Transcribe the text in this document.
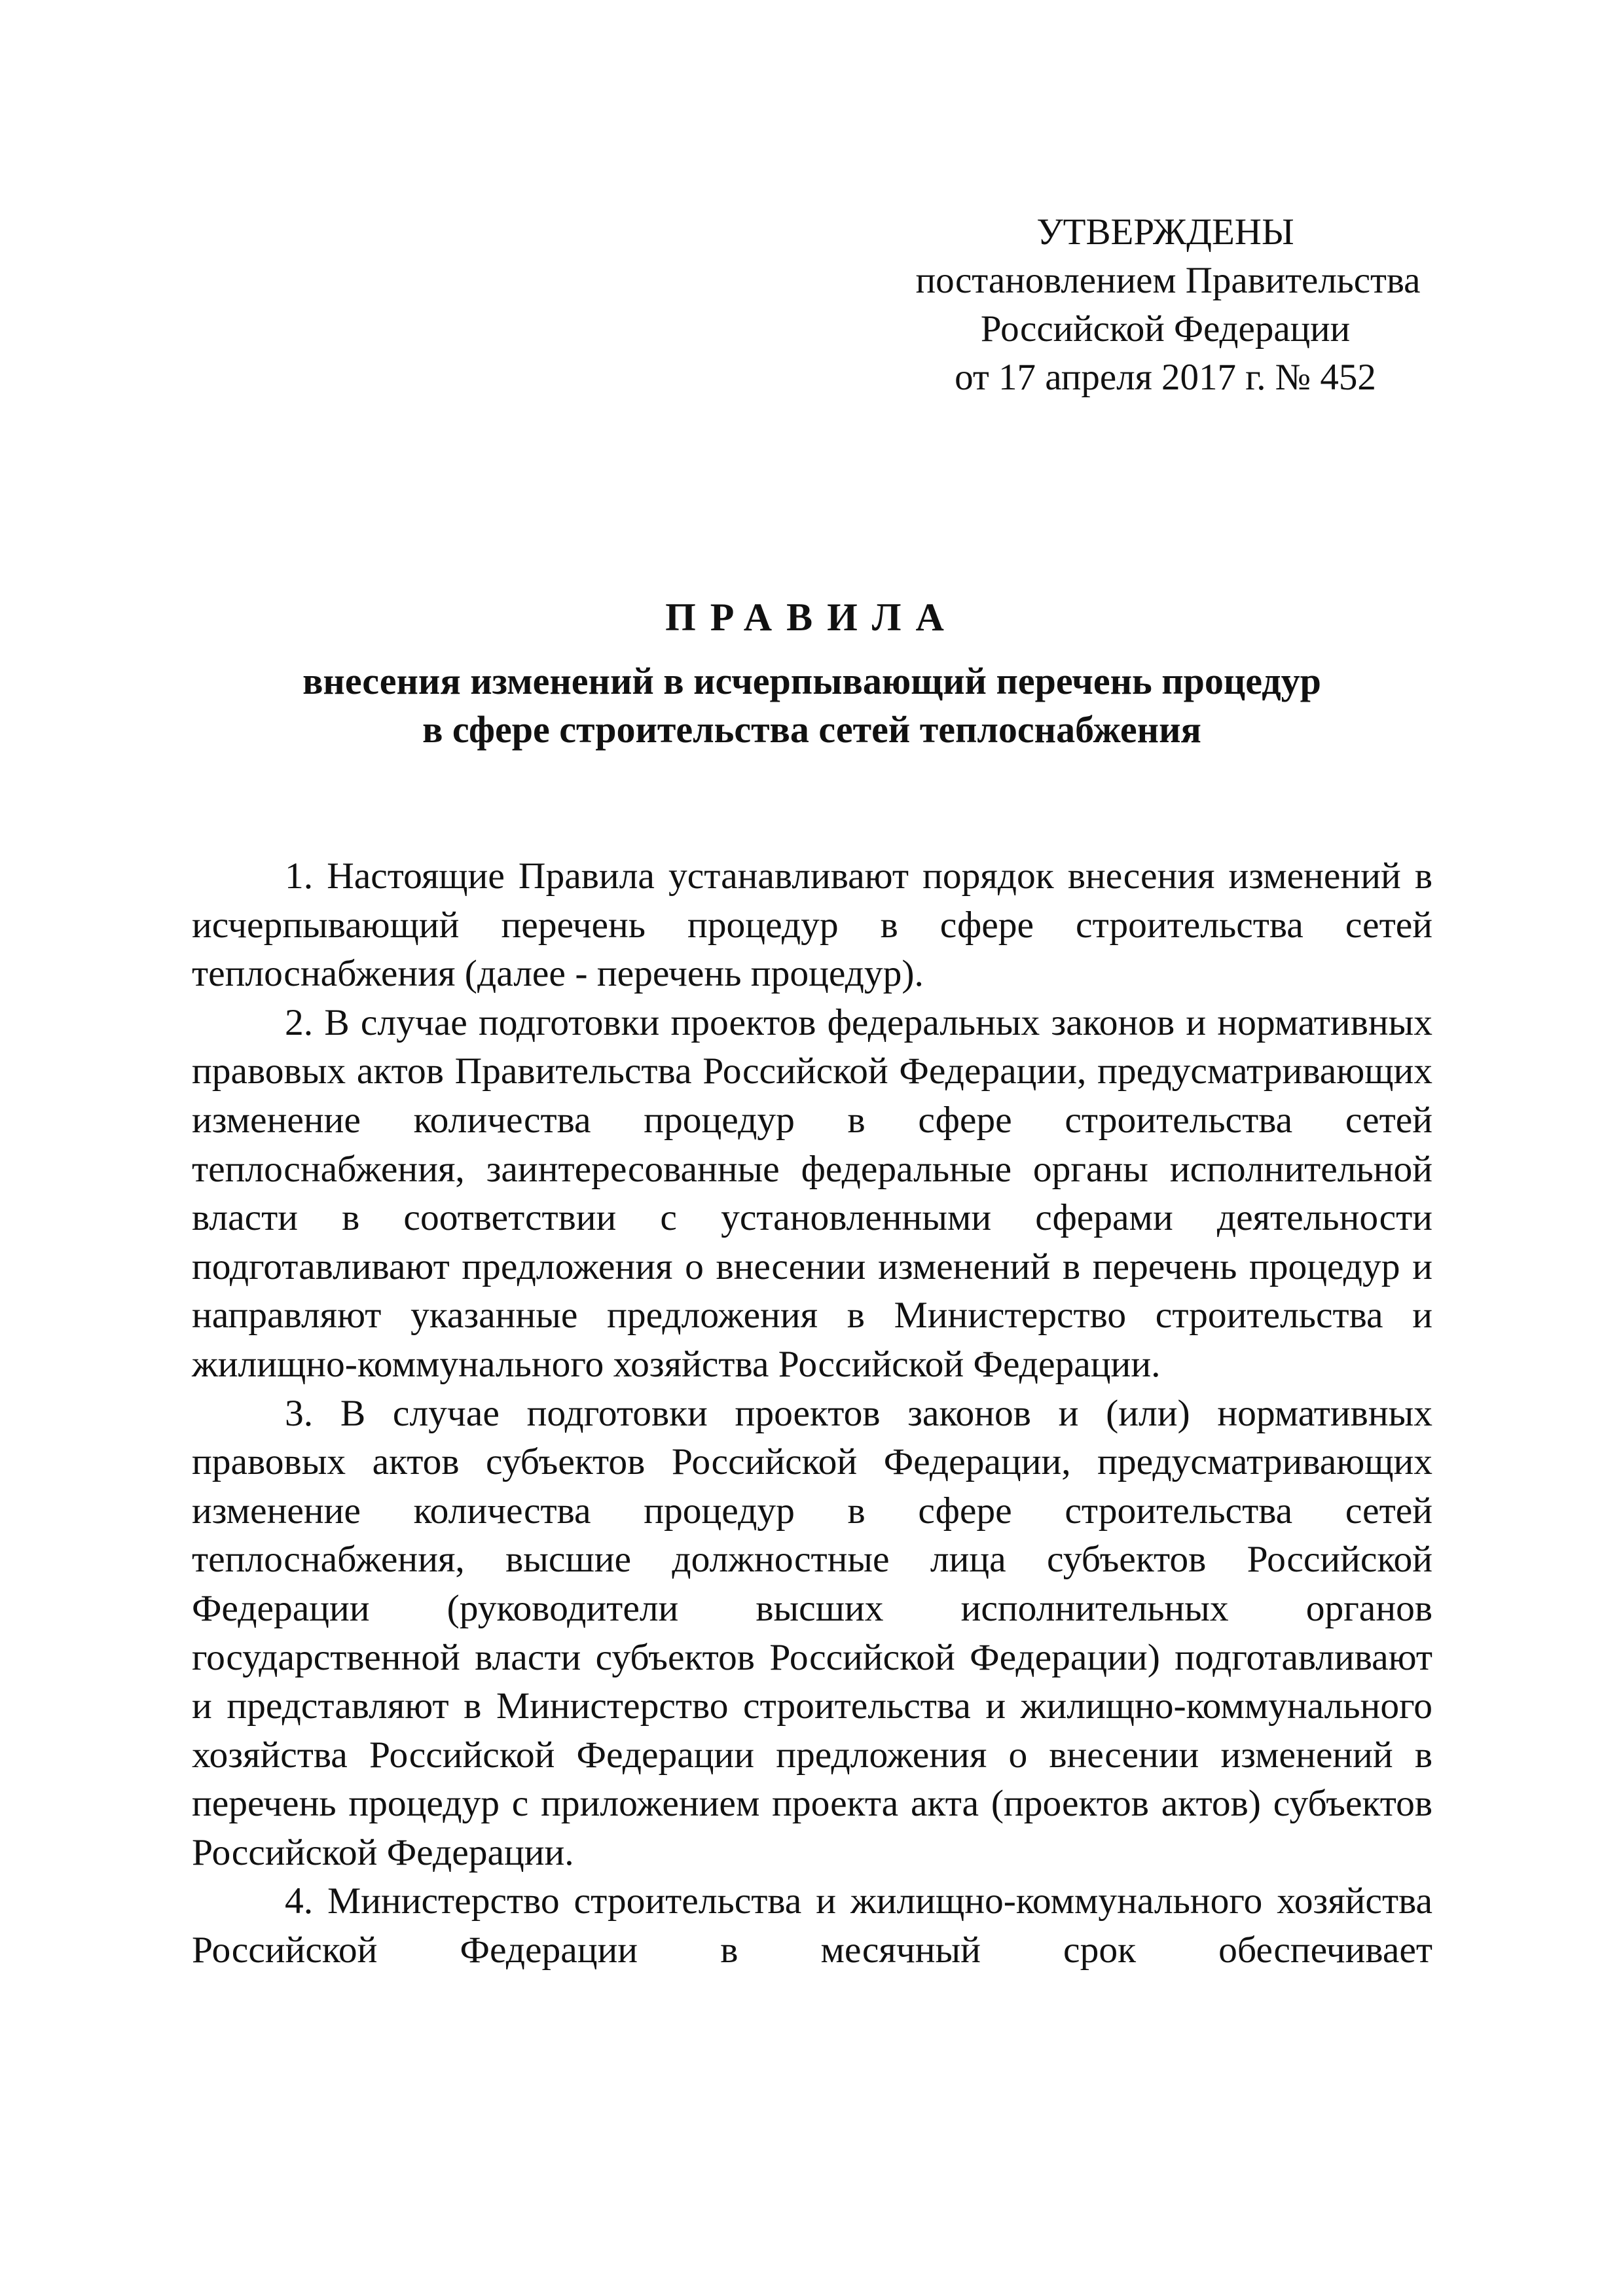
УТВЕРЖДЕНЫ
постановлением Правительства
Российской Федерации
от 17 апреля 2017 г. № 452
ПРАВИЛА
внесения изменений в исчерпывающий перечень процедур
в сфере строительства сетей теплоснабжения

1. Настоящие Правила устанавливают порядок внесения изменений в исчерпывающий перечень процедур в сфере строительства сетей теплоснабжения (далее - перечень процедур).

2. В случае подготовки проектов федеральных законов и нормативных правовых актов Правительства Российской Федерации, предусматривающих изменение количества процедур в сфере строительства сетей теплоснабжения, заинтересованные федеральные органы исполнительной власти в соответствии с установленными сферами деятельности подготавливают предложения о внесении изменений в перечень процедур и направляют указанные предложения в Министерство строительства и жилищно-коммунального хозяйства Российской Федерации.

3. В случае подготовки проектов законов и (или) нормативных правовых актов субъектов Российской Федерации, предусматривающих изменение количества процедур в сфере строительства сетей теплоснабжения, высшие должностные лица субъектов Российской Федерации (руководители высших исполнительных органов государственной власти субъектов Российской Федерации) подготавливают и представляют в Министерство строительства и жилищно-коммунального хозяйства Российской Федерации предложения о внесении изменений в перечень процедур с приложением проекта акта (проектов актов) субъектов Российской Федерации.

4. Министерство строительства и жилищно-коммунального хозяйства Российской Федерации в месячный срок обеспечивает
